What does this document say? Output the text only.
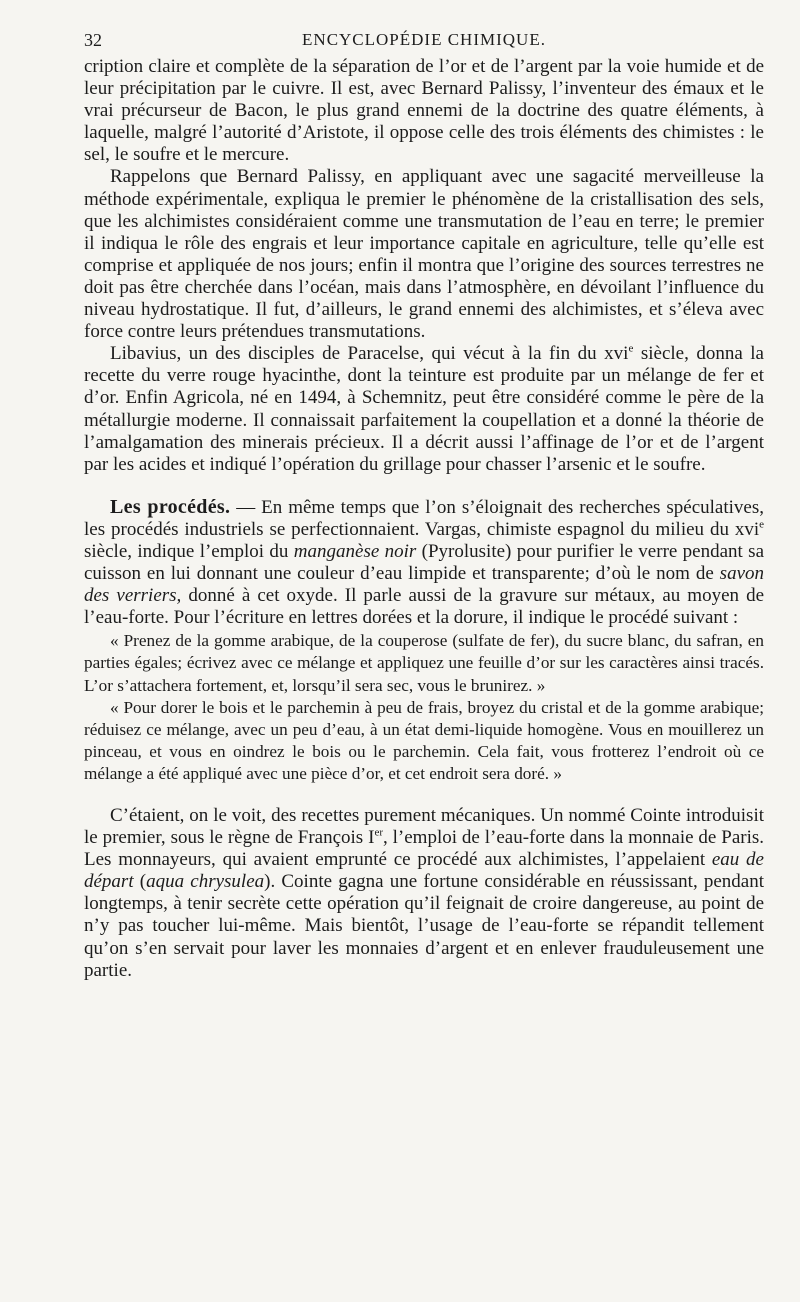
32	ENCYCLOPÉDIE CHIMIQUE.

cription claire et complète de la séparation de l’or et de l’argent par la voie humide et de leur précipitation par le cuivre. Il est, avec Bernard Palissy, l’inventeur des émaux et le vrai précurseur de Bacon, le plus grand ennemi de la doctrine des quatre éléments, à laquelle, malgré l’autorité d’Aristote, il oppose celle des trois éléments des chimistes : le sel, le soufre et le mercure.

Rappelons que Bernard Palissy, en appliquant avec une sagacité merveilleuse la méthode expérimentale, expliqua le premier le phénomène de la cristallisation des sels, que les alchimistes considéraient comme une transmutation de l’eau en terre; le premier il indiqua le rôle des engrais et leur importance capitale en agriculture, telle qu’elle est comprise et appliquée de nos jours; enfin il montra que l’origine des sources terrestres ne doit pas être cherchée dans l’océan, mais dans l’atmosphère, en dévoilant l’influence du niveau hydrostatique. Il fut, d’ailleurs, le grand ennemi des alchimistes, et s’éleva avec force contre leurs prétendues transmutations.

Libavius, un des disciples de Paracelse, qui vécut à la fin du xvi$^e$ siècle, donna la recette du verre rouge hyacinthe, dont la teinture est produite par un mélange de fer et d’or. Enfin Agricola, né en 1494, à Schemnitz, peut être considéré comme le père de la métallurgie moderne. Il connaissait parfaitement la coupellation et a donné la théorie de l’amalgamation des minerais précieux. Il a décrit aussi l’affinage de l’or et de l’argent par les acides et indiqué l’opération du grillage pour chasser l’arsenic et le soufre.

Les procédés. — En même temps que l’on s’éloignait des recherches spéculatives, les procédés industriels se perfectionnaient. Vargas, chimiste espagnol du milieu du xvi$^e$ siècle, indique l’emploi du manganèse noir (Pyrolusite) pour purifier le verre pendant sa cuisson en lui donnant une couleur d’eau limpide et transparente; d’où le nom de savon des verriers, donné à cet oxyde. Il parle aussi de la gravure sur métaux, au moyen de l’eau-forte. Pour l’écriture en lettres dorées et la dorure, il indique le procédé suivant :

« Prenez de la gomme arabique, de la couperose (sulfate de fer), du sucre blanc, du safran, en parties égales; écrivez avec ce mélange et appliquez une feuille d’or sur les caractères ainsi tracés. L’or s’attachera fortement, et, lorsqu’il sera sec, vous le brunirez. »

« Pour dorer le bois et le parchemin à peu de frais, broyez du cristal et de la gomme arabique; réduisez ce mélange, avec un peu d’eau, à un état demi-liquide homogène. Vous en mouillerez un pinceau, et vous en oindrez le bois ou le parchemin. Cela fait, vous frotterez l’endroit où ce mélange a été appliqué avec une pièce d’or, et cet endroit sera doré. »

C’étaient, on le voit, des recettes purement mécaniques. Un nommé Cointe introduisit le premier, sous le règne de François Ier, l’emploi de l’eau-forte dans la monnaie de Paris. Les monnayeurs, qui avaient emprunté ce procédé aux alchimistes, l’appelaient eau de départ (aqua chrysulea). Cointe gagna une fortune considérable en réussissant, pendant longtemps, à tenir secrète cette opération qu’il feignait de croire dangereuse, au point de n’y pas toucher lui-même. Mais bientôt, l’usage de l’eau-forte se répandit tellement qu’on s’en servait pour laver les monnaies d’argent et en enlever frauduleusement une partie.
